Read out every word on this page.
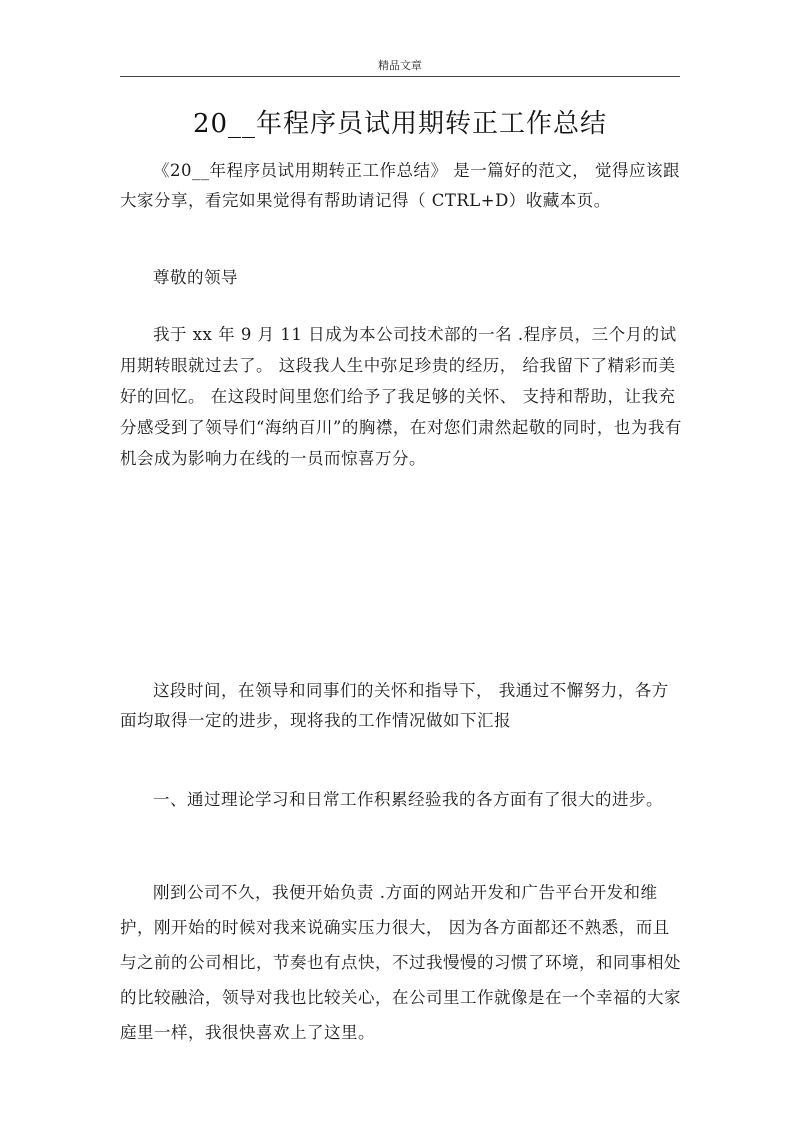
精品文章
20__年程序员试用期转正工作总结
《20__年程序员试用期转正工作总结》 是一篇好的范文， 觉得应该跟大家分享，看完如果觉得有帮助请记得（ CTRL+D）收藏本页。
尊敬的领导
我于 xx 年 9 月 11 日成为本公司技术部的一名 .程序员，三个月的试用期转眼就过去了。 这段我人生中弥足珍贵的经历， 给我留下了精彩而美好的回忆。 在这段时间里您们给予了我足够的关怀、 支持和帮助，让我充分感受到了领导们“海纳百川”的胸襟，在对您们肃然起敬的同时，也为我有机会成为影响力在线的一员而惊喜万分。
这段时间，在领导和同事们的关怀和指导下， 我通过不懈努力，各方面均取得一定的进步，现将我的工作情况做如下汇报
一、通过理论学习和日常工作积累经验我的各方面有了很大的进步。
刚到公司不久，我便开始负责 .方面的网站开发和广告平台开发和维护，刚开始的时候对我来说确实压力很大， 因为各方面都还不熟悉，而且与之前的公司相比，节奏也有点快，不过我慢慢的习惯了环境，和同事相处的比较融洽，领导对我也比较关心，在公司里工作就像是在一个幸福的大家庭里一样，我很快喜欢上了这里。
